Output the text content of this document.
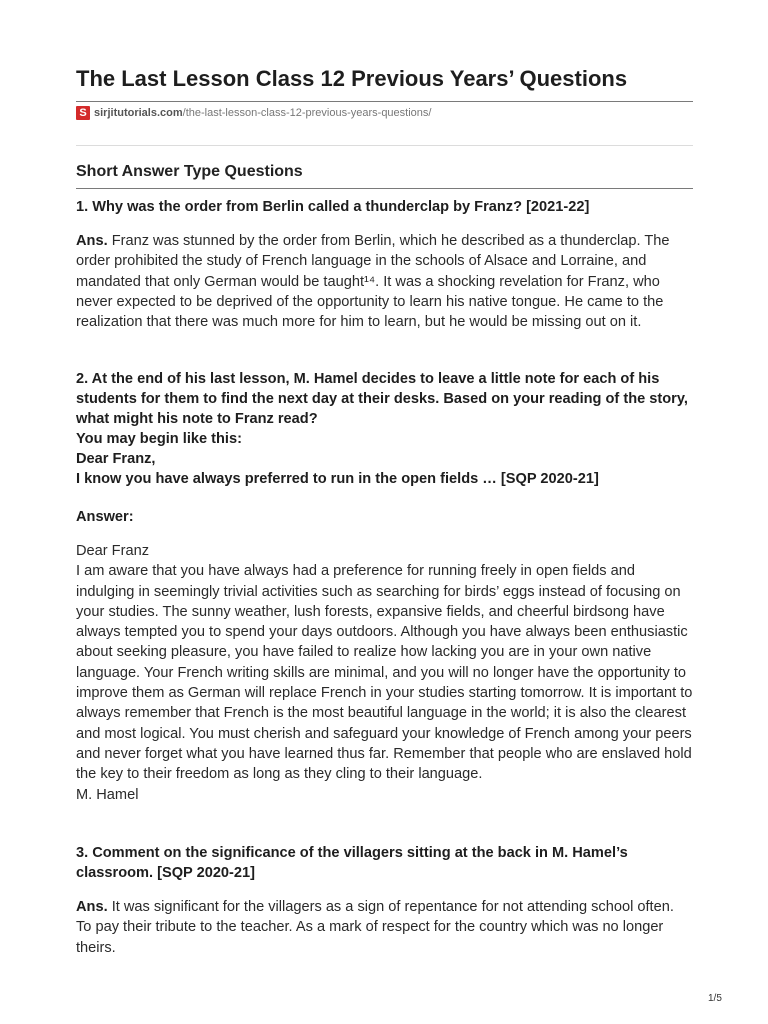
The Last Lesson Class 12 Previous Years’ Questions
S sirjitutorials.com /the-last-lesson-class-12-previous-years-questions/
Short Answer Type Questions

1. Why was the order from Berlin called a thunderclap by Franz? [2021-22]

Ans. Franz was stunned by the order from Berlin, which he described as a thunderclap. The order prohibited the study of French language in the schools of Alsace and Lorraine, and mandated that only German would be taught¹⁴. It was a shocking revelation for Franz, who never expected to be deprived of the opportunity to learn his native tongue. He came to the realization that there was much more for him to learn, but he would be missing out on it.

2. At the end of his last lesson, M. Hamel decides to leave a little note for each of his students for them to find the next day at their desks. Based on your reading of the story, what might his note to Franz read?
You may begin like this:
Dear Franz,
I know you have always preferred to run in the open fields … [SQP 2020-21]

Answer:

Dear Franz
I am aware that you have always had a preference for running freely in open fields and indulging in seemingly trivial activities such as searching for birds’ eggs instead of focusing on your studies. The sunny weather, lush forests, expansive fields, and cheerful birdsong have always tempted you to spend your days outdoors. Although you have always been enthusiastic about seeking pleasure, you have failed to realize how lacking you are in your own native language. Your French writing skills are minimal, and you will no longer have the opportunity to improve them as German will replace French in your studies starting tomorrow. It is important to always remember that French is the most beautiful language in the world; it is also the clearest and most logical. You must cherish and safeguard your knowledge of French among your peers and never forget what you have learned thus far. Remember that people who are enslaved hold the key to their freedom as long as they cling to their language.
M. Hamel

3. Comment on the significance of the villagers sitting at the back in M. Hamel’s classroom. [SQP 2020-21]

Ans. It was significant for the villagers as a sign of repentance for not attending school often. To pay their tribute to the teacher. As a mark of respect for the country which was no longer theirs.

1/5
